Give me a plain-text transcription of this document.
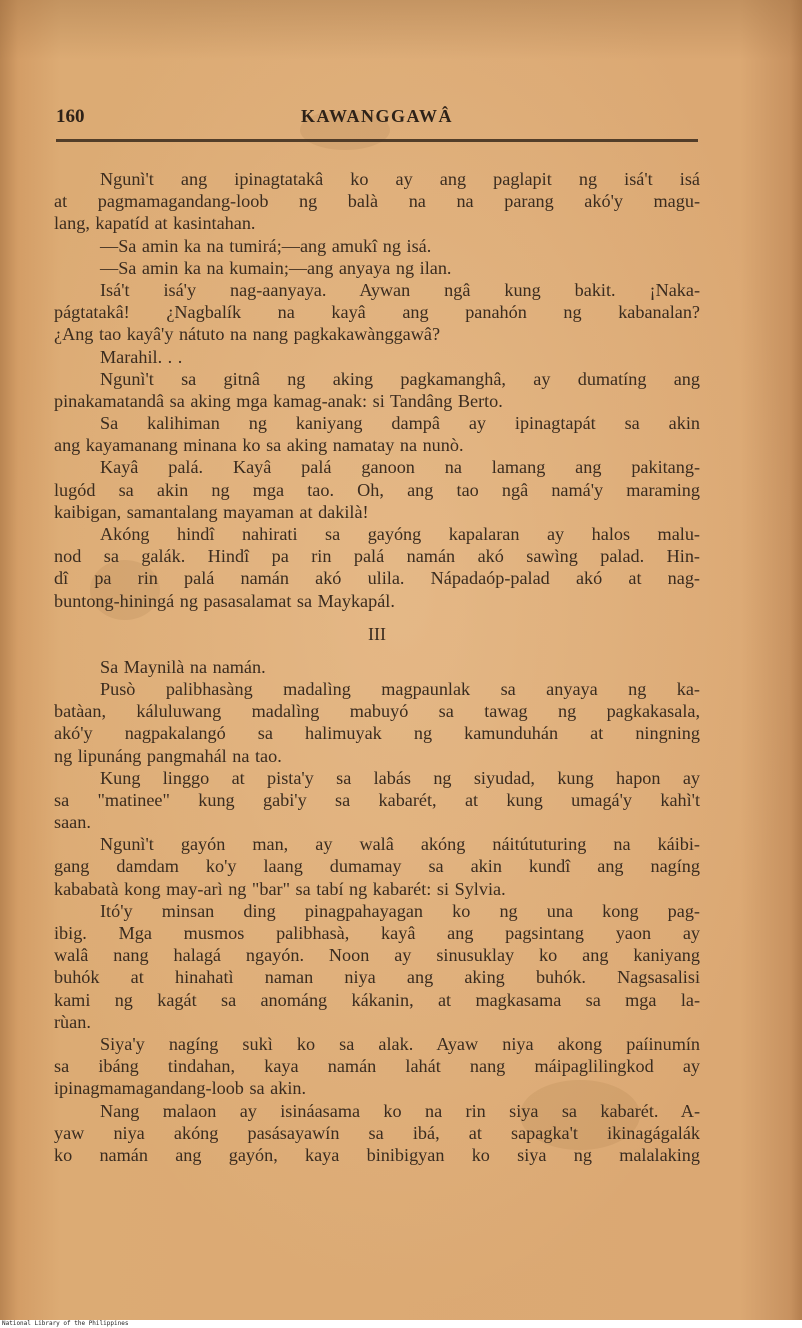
160	KAWANGGAWÂ
Ngunì't ang ipinagtatakâ ko ay ang paglapit ng isá't isá
at pagmamagandang-loob ng balà na na parang akó'y magu-
lang, kapatíd at kasintahan.
—Sa amin ka na tumirá;—ang amukî ng isá.
—Sa amin ka na kumain;—ang anyaya ng ilan.
Isá't isá'y nag-aanyaya. Aywan ngâ kung bakit. ¡Naka-
págtatakâ! ¿Nagbalík na kayâ ang panahón ng kabanalan?
¿Ang tao kayâ'y nátuto na nang pagkakawànggawâ?
Marahil. . .
Ngunì't sa gitnâ ng aking pagkamanghâ, ay dumatíng ang
pinakamatandâ sa aking mga kamag-anak: si Tandâng Berto.
Sa kalihiman ng kaniyang dampâ ay ipinagtapát sa akin
ang kayamanang minana ko sa aking namatay na nunò.
Kayâ palá. Kayâ palá ganoon na lamang ang pakitang-
lugód sa akin ng mga tao. Oh, ang tao ngâ namá'y maraming
kaibigan, samantalang mayaman at dakilà!
Akóng hindî nahirati sa gayóng kapalaran ay halos malu-
nod sa galák. Hindî pa rin palá namán akó sawìng palad. Hin-
dî pa rin palá namán akó ulila. Nápadaóp-palad akó at nag-
buntong-hiningá ng pasasalamat sa Maykapál.
III
Sa Maynilà na namán.
Pusò palibhasàng madalìng magpaunlak sa anyaya ng ka-
batàan, káluluwang madalìng mabuyó sa tawag ng pagkakasala,
akó'y nagpakalangó sa halimuyak ng kamunduhán at ningning
ng lipunáng pangmahál na tao.
Kung linggo at pista'y sa labás ng siyudad, kung hapon ay
sa "matinee" kung gabi'y sa kabarét, at kung umagá'y kahì't
saan.
Ngunì't gayón man, ay walâ akóng náitútuturing na káibi-
gang damdam ko'y laang dumamay sa akin kundî ang nagíng
kababatà kong may-arì ng "bar" sa tabí ng kabarét: si Sylvia.
Itó'y minsan ding pinagpahayagan ko ng una kong pag-
ibig. Mga musmos palibhasà, kayâ ang pagsintang yaon ay
walâ nang halagá ngayón. Noon ay sinusuklay ko ang kaniyang
buhók at hinahatì naman niya ang aking buhók. Nagsasalisi
kami ng kagát sa anománg kákanin, at magkasama sa mga la-
rùan.
Siya'y nagíng sukì ko sa alak. Ayaw niya akong paíinumín
sa ibáng tindahan, kaya namán lahát nang máipaglilingkod ay
ipinagmamagandang-loob sa akin.
Nang malaon ay isináasama ko na rin siya sa kabarét. A-
yaw niya akóng pasásayawín sa ibá, at sapagka't ikinagágalák
ko namán ang gayón, kaya binibigyan ko siya ng malalaking
National Library of the Philippines
